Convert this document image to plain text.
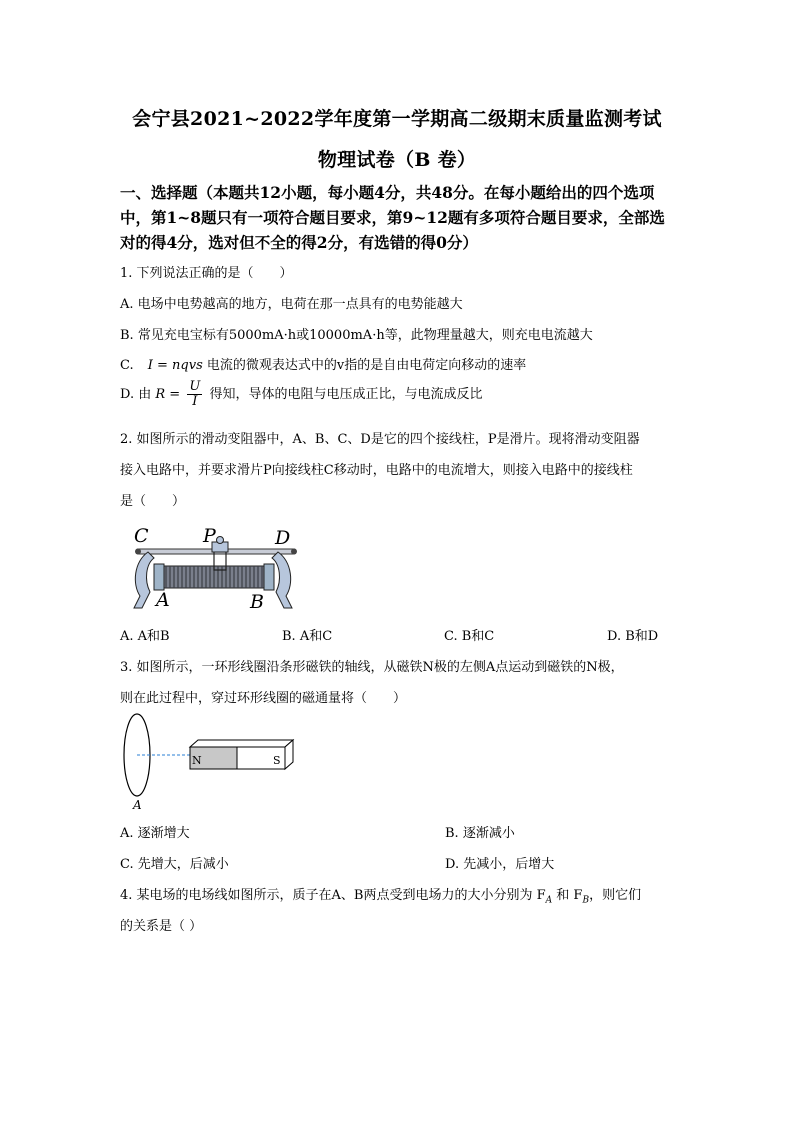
会宁县2021~2022学年度第一学期高二级期末质量监测考试
物理试卷（B 卷）
一、选择题（本题共12小题，每小题4分，共48分。在每小题给出的四个选项中，第1~8题只有一项符合题目要求，第9~12题有多项符合题目要求，全部选对的得4分，选对但不全的得2分，有选错的得0分）
1. 下列说法正确的是（　　）
A. 电场中电势越高的地方，电荷在那一点具有的电势能越大
B. 常见充电宝标有5000mA·h或10000mA·h等，此物理量越大，则充电电流越大
C. I = nqvs 电流的微观表达式中的v指的是自由电荷定向移动的速率
D. 由 $R = \frac{U}{I}$ 得知，导体的电阻与电压成正比，与电流成反比
2. 如图所示的滑动变阻器中，A、B、C、D是它的四个接线柱，P是滑片。现将滑动变阻器
接入电路中，并要求滑片P向接线柱C移动时，电路中的电流增大，则接入电路中的接线柱
是（　　）
C	P	D
A	B
A. A和B	B. A和C	C. B和C	D. B和D
3. 如图所示，一环形线圈沿条形磁铁的轴线，从磁铁N极的左侧A点运动到磁铁的N极，
则在此过程中，穿过环形线圈的磁通量将（　　）
N	S
A
A. 逐渐增大	B. 逐渐减小
C. 先增大，后减小	D. 先减小，后增大
4. 某电场的电场线如图所示，质子在A、B两点受到电场力的大小分别为 $F_A$ 和 $F_B$，则它们
的关系是（ ）
